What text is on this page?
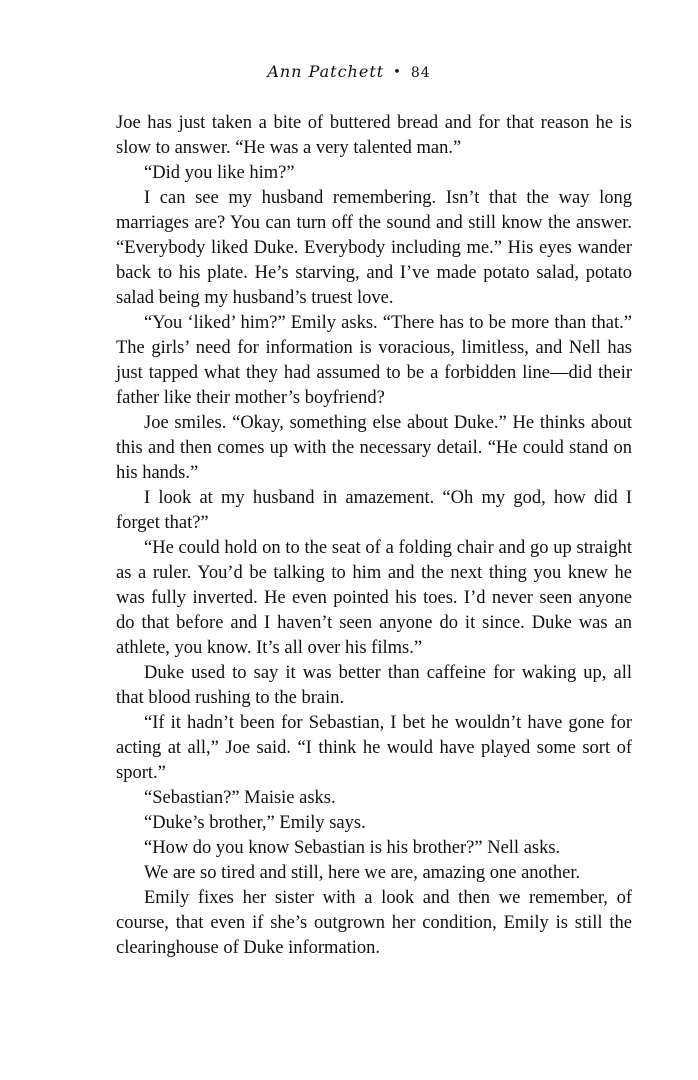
Ann Patchett • 84

Joe has just taken a bite of buttered bread and for that reason he is slow to answer. “He was a very talented man.”

“Did you like him?”

I can see my husband remembering. Isn’t that the way long marriages are? You can turn off the sound and still know the answer. “Everybody liked Duke. Everybody including me.” His eyes wander back to his plate. He’s starving, and I’ve made potato salad, potato salad being my husband’s truest love.

“You ‘liked’ him?” Emily asks. “There has to be more than that.” The girls’ need for information is voracious, limitless, and Nell has just tapped what they had assumed to be a forbidden line—did their father like their mother’s boyfriend?

Joe smiles. “Okay, something else about Duke.” He thinks about this and then comes up with the necessary detail. “He could stand on his hands.”

I look at my husband in amazement. “Oh my god, how did I forget that?”

“He could hold on to the seat of a folding chair and go up straight as a ruler. You’d be talking to him and the next thing you knew he was fully inverted. He even pointed his toes. I’d never seen anyone do that before and I haven’t seen anyone do it since. Duke was an athlete, you know. It’s all over his films.”

Duke used to say it was better than caffeine for waking up, all that blood rushing to the brain.

“If it hadn’t been for Sebastian, I bet he wouldn’t have gone for acting at all,” Joe said. “I think he would have played some sort of sport.”

“Sebastian?” Maisie asks.

“Duke’s brother,” Emily says.

“How do you know Sebastian is his brother?” Nell asks.

We are so tired and still, here we are, amazing one another.

Emily fixes her sister with a look and then we remember, of course, that even if she’s outgrown her condition, Emily is still the clearinghouse of Duke information.
